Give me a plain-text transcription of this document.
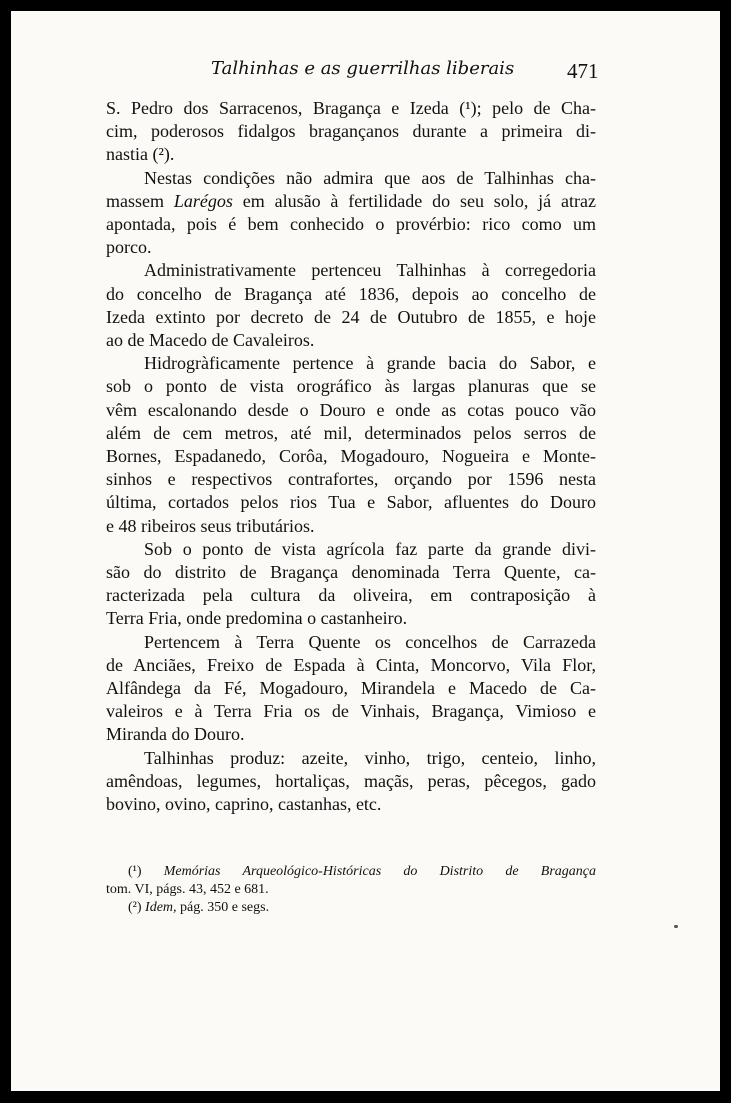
Talhinhas e as guerrilhas liberais	471
S. Pedro dos Sarracenos, Bragança e Izeda (¹); pelo de Cha-
cim, poderosos fidalgos bragançanos durante a primeira di-
nastia (²).
Nestas condições não admira que aos de Talhinhas cha-
massem Larégos em alusão à fertilidade do seu solo, já atraz
apontada, pois é bem conhecido o provérbio: rico como um
porco.
Administrativamente pertenceu Talhinhas à corregedoria
do concelho de Bragança até 1836, depois ao concelho de
Izeda extinto por decreto de 24 de Outubro de 1855, e hoje
ao de Macedo de Cavaleiros.
Hidrogràficamente pertence à grande bacia do Sabor, e
sob o ponto de vista orográfico às largas planuras que se
vêm escalonando desde o Douro e onde as cotas pouco vão
além de cem metros, até mil, determinados pelos serros de
Bornes, Espadanedo, Corôa, Mogadouro, Nogueira e Monte-
sinhos e respectivos contrafortes, orçando por 1596 nesta
última, cortados pelos rios Tua e Sabor, afluentes do Douro
e 48 ribeiros seus tributários.
Sob o ponto de vista agrícola faz parte da grande divi-
são do distrito de Bragança denominada Terra Quente, ca-
racterizada pela cultura da oliveira, em contraposição à
Terra Fria, onde predomina o castanheiro.
Pertencem à Terra Quente os concelhos de Carrazeda
de Anciães, Freixo de Espada à Cinta, Moncorvo, Vila Flor,
Alfândega da Fé, Mogadouro, Mirandela e Macedo de Ca-
valeiros e à Terra Fria os de Vinhais, Bragança, Vimioso e
Miranda do Douro.
Talhinhas produz: azeite, vinho, trigo, centeio, linho,
amêndoas, legumes, hortaliças, maçãs, peras, pêcegos, gado
bovino, ovino, caprino, castanhas, etc.
(¹) Memórias Arqueológico-Históricas do Distrito de Bragança
tom. VI, págs. 43, 452 e 681.
(²) Idem, pág. 350 e segs.
